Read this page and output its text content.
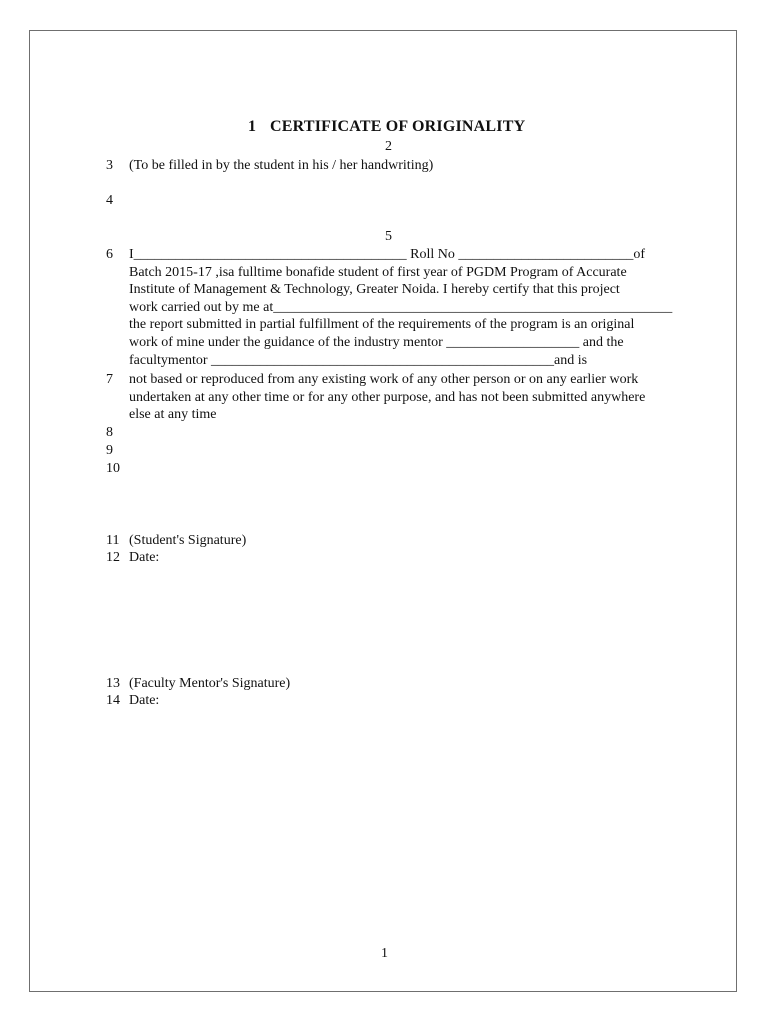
1 CERTIFICATE OF ORIGINALITY
2
3	(To be filled in by the student in his / her handwriting)
4
5
6	I_______________________________________ Roll No _________________________of
Batch 2015-17 ,isa fulltime bonafide student of first year of PGDM Program of Accurate
Institute of Management & Technology, Greater Noida. I hereby certify that this project
work carried out by me at_________________________________________________________
the report submitted in partial fulfillment of the requirements of the program is an original
work of mine under the guidance of the industry mentor ___________________ and the
facultymentor _________________________________________________and is
7	not based or reproduced from any existing work of any other person or on any earlier work
undertaken at any other time or for any other purpose, and has not been submitted anywhere
else at any time
8
9
10
11 (Student's Signature)
12 Date:
13 (Faculty Mentor's Signature)
14 Date:
1
